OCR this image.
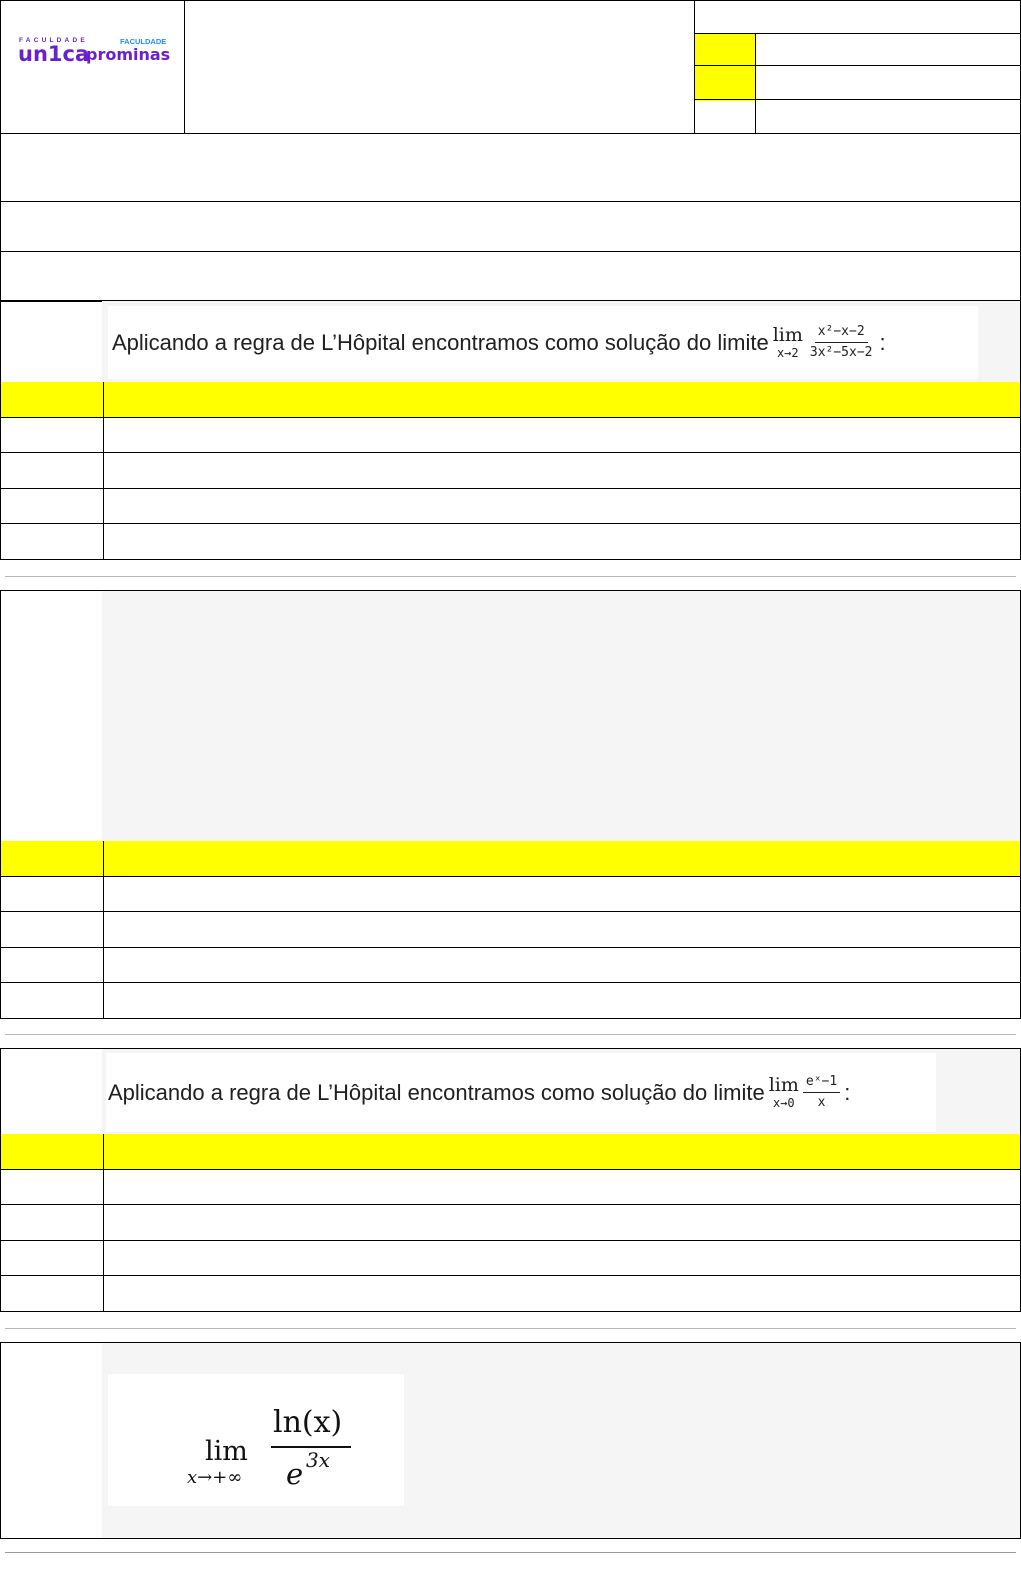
FACULDADE
un1ca
FACULDADE
prominas
Aplicando a regra de L’Hôpital encontramos como solução do limite lim
$x\to 2 \frac{\text{x²−x−2}}{\text{3x²−5x−2}}$ :
Aplicando a regra de L’Hôpital encontramos como solução do limite lim
$x\to 0 \frac{\text{eˣ−1}}{x}$ :
lim
x→+∞
ln(x)
e 3x
